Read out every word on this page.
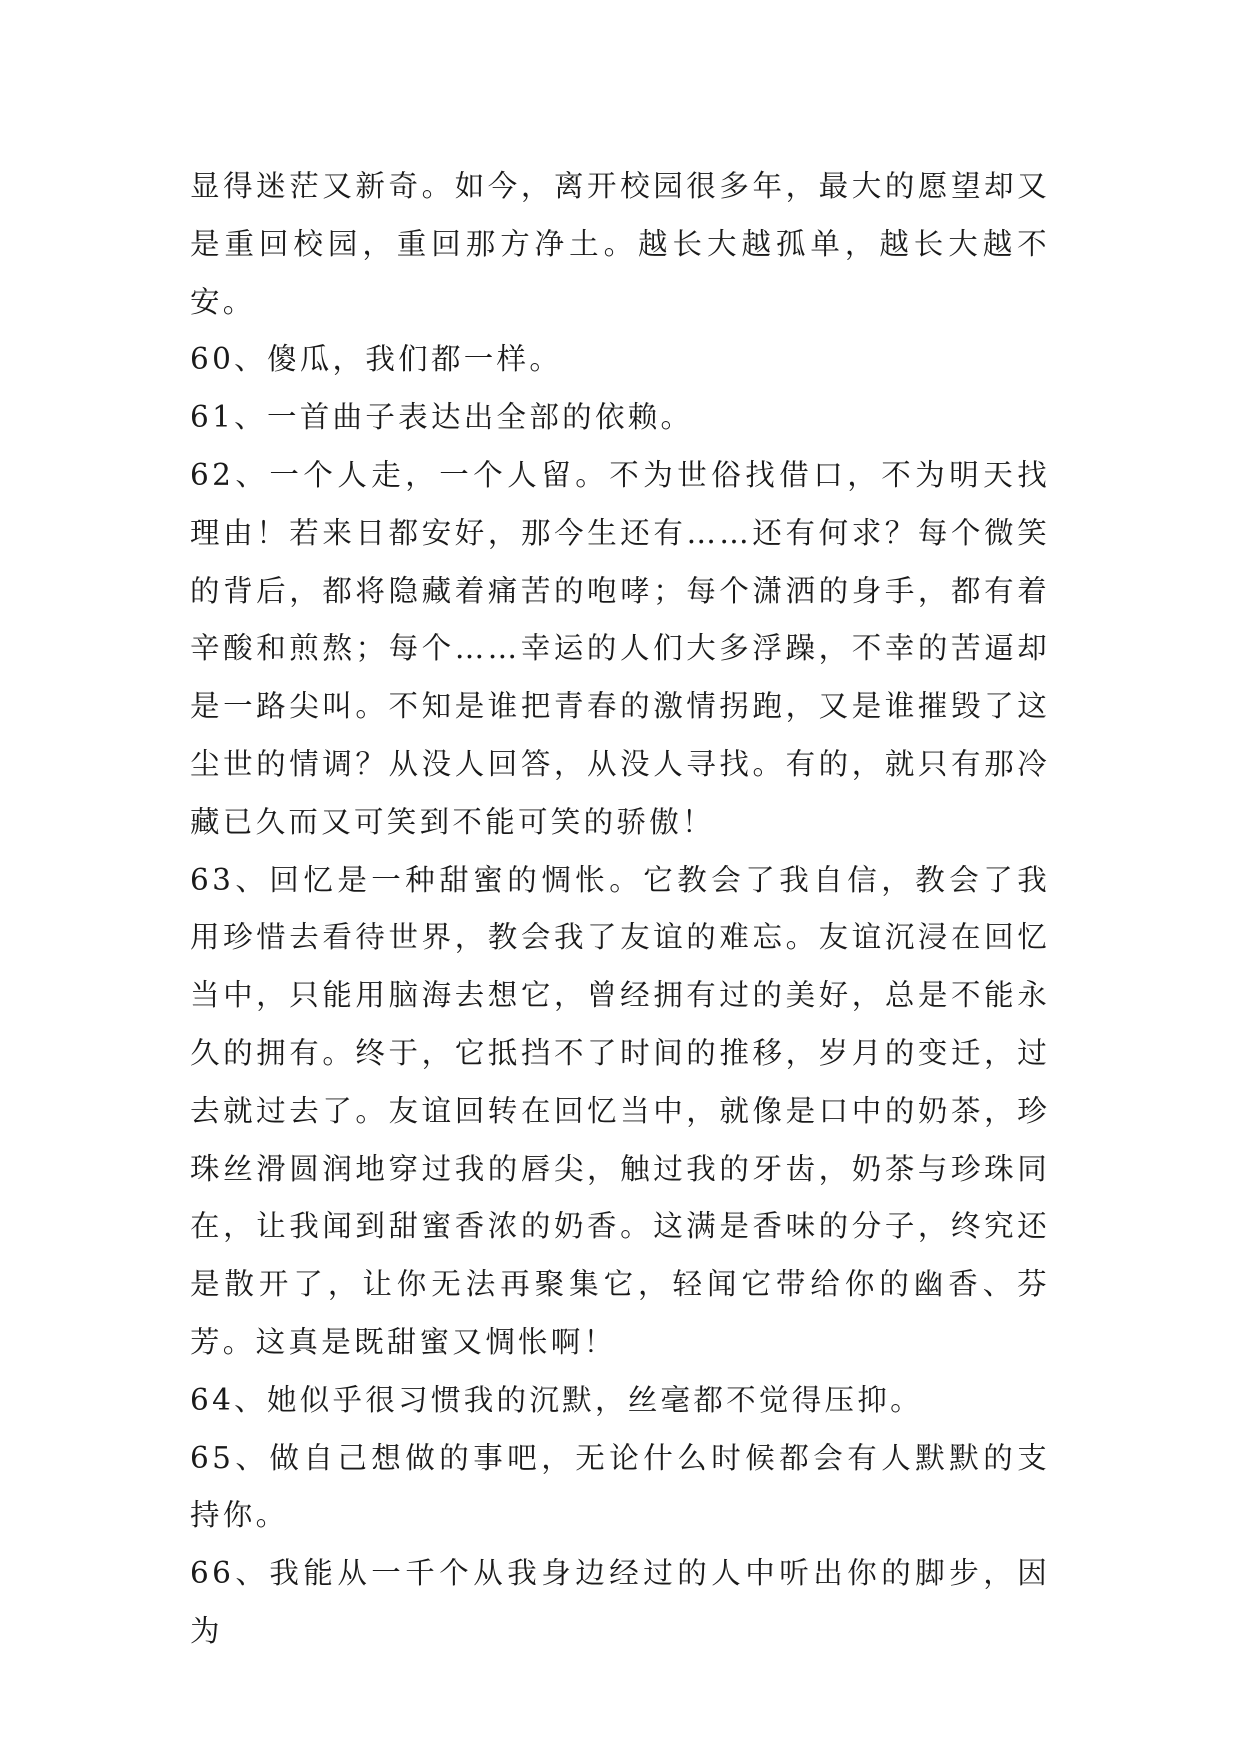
显得迷茫又新奇。如今，离开校园很多年，最大的愿望却又是重回校园，重回那方净土。越长大越孤单，越长大越不安。

60、傻瓜，我们都一样。

61、一首曲子表达出全部的依赖。

62、一个人走，一个人留。不为世俗找借口，不为明天找理由！若来日都安好，那今生还有……还有何求？每个微笑的背后，都将隐藏着痛苦的咆哮；每个潇洒的身手，都有着辛酸和煎熬；每个……幸运的人们大多浮躁，不幸的苦逼却是一路尖叫。不知是谁把青春的激情拐跑，又是谁摧毁了这尘世的情调？从没人回答，从没人寻找。有的，就只有那冷藏已久而又可笑到不能可笑的骄傲！

63、回忆是一种甜蜜的惆怅。它教会了我自信，教会了我用珍惜去看待世界，教会我了友谊的难忘。友谊沉浸在回忆当中，只能用脑海去想它，曾经拥有过的美好，总是不能永久的拥有。终于，它抵挡不了时间的推移，岁月的变迁，过去就过去了。友谊回转在回忆当中，就像是口中的奶茶，珍珠丝滑圆润地穿过我的唇尖，触过我的牙齿，奶茶与珍珠同在，让我闻到甜蜜香浓的奶香。这满是香味的分子，终究还是散开了，让你无法再聚集它，轻闻它带给你的幽香、芬芳。这真是既甜蜜又惆怅啊！

64、她似乎很习惯我的沉默，丝毫都不觉得压抑。

65、做自己想做的事吧，无论什么时候都会有人默默的支持你。

66、我能从一千个从我身边经过的人中听出你的脚步，因为
